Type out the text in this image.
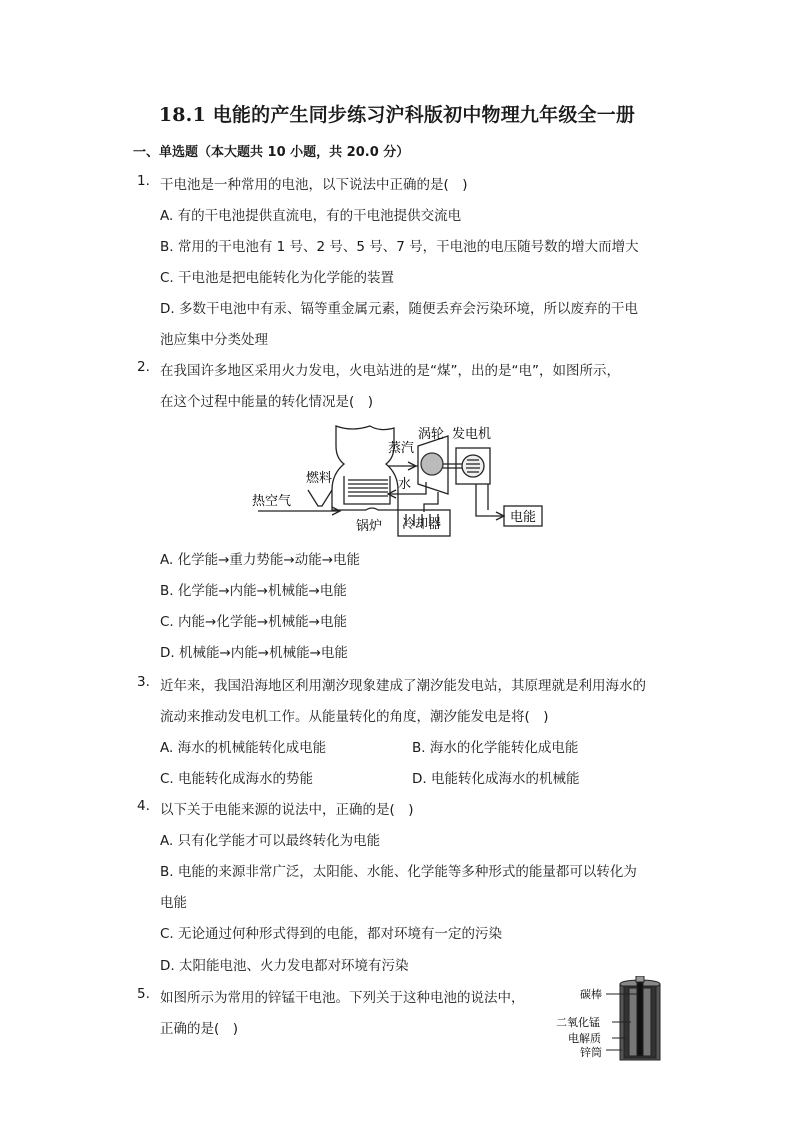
18.1 电能的产生同步练习沪科版初中物理九年级全一册
一、单选题（本大题共 10 小题，共 20.0 分）
1. 干电池是一种常用的电池，以下说法中正确的是(　)
A. 有的干电池提供直流电，有的干电池提供交流电
B. 常用的干电池有 1 号、2 号、5 号、7 号，干电池的电压随号数的增大而增大
C. 干电池是把电能转化为化学能的装置
D. 多数干电池中有汞、镉等重金属元素，随便丢弃会污染环境，所以废弃的干电
池应集中分类处理
2. 在我国许多地区采用火力发电，火电站进的是“煤”，出的是“电”，如图所示，
在这个过程中能量的转化情况是(　)
蒸汽
涡轮 发电机
燃料	水
热空气
电能
锅炉 冷却器
A. 化学能→重力势能→动能→电能
B. 化学能→内能→机械能→电能
C. 内能→化学能→机械能→电能
D. 机械能→内能→机械能→电能
3. 近年来，我国沿海地区利用潮汐现象建成了潮汐能发电站，其原理就是利用海水的
流动来推动发电机工作。从能量转化的角度，潮汐能发电是将(　)
A. 海水的机械能转化成电能	B. 海水的化学能转化成电能
C. 电能转化成海水的势能	D. 电能转化成海水的机械能
4. 以下关于电能来源的说法中，正确的是(　)
A. 只有化学能才可以最终转化为电能
B. 电能的来源非常广泛，太阳能、水能、化学能等多种形式的能量都可以转化为
电能
C. 无论通过何种形式得到的电能，都对环境有一定的污染
D. 太阳能电池、火力发电都对环境有污染
5. 如图所示为常用的锌锰干电池。下列关于这种电池的说法中，
正确的是(　)
碳棒
二氧化锰
电解质
锌筒
